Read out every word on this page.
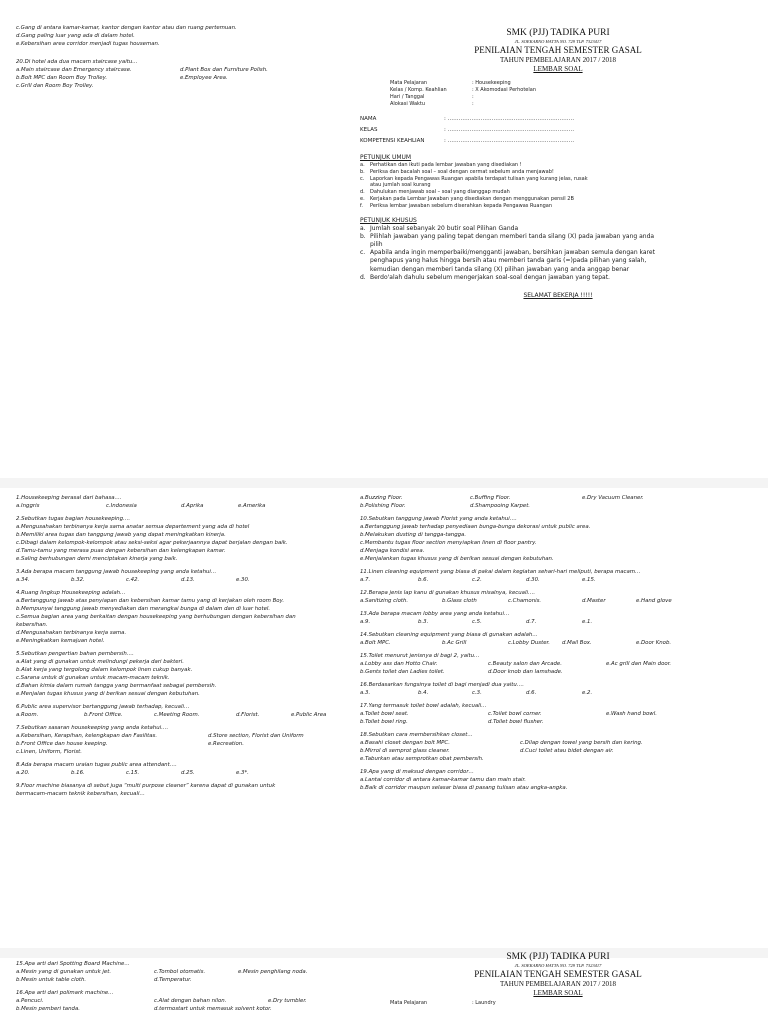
c.Gang di antara kamar-kamar, kantor dengan kantor atau dan ruang pertemuan.
d.Gang paling luar yang ada di dalam hotel.
e.Kebersihan area corridor menjadi tugas houseman.
20.Di hotel ada dua macam staircase yaitu…
a.Main staircase dan Emergency staircase.	d.Plant Box dan Furniture Polish.
b.Bolt MPC dan Room Boy Trolley.	e.Employee Area.
c.Grill dan Room Boy Trolley.
SMK (PJJ) TADIKA PURI
JL. SOEKARNO HATTA NO. 729 TLP. 7323417
PENILAIAN TENGAH SEMESTER GASAL
TAHUN PEMBELAJARAN 2017 / 2018
LEMBAR SOAL
Mata Pelajaran	: Housekeeping
Kelas / Komp. Keahlian	: X Akomodasi Perhotelan
Hari / Tanggal	:
Alokasi Waktu	:
NAMA	: ……………………………………………………………
KELAS	: ……………………………………………………………
KOMPETENSI KEAHLIAN	: ……………………………………………………………
PETUNJUK UMUM
a.	Perhatikan dan ikuti pada lembar jawaban yang disediakan !
b.	Periksa dan bacalah soal – soal dengan cermat sebelum anda menjawab!
c.	Laporkan kepada Pengawas Ruangan apabila terdapat tulisan yang kurang jelas, rusak
atau jumlah soal kurang
d.	Dahulukan menjawab soal – soal yang dianggap mudah
e.	Kerjakan pada Lembar Jawaban yang disediakan dengan menggunakan pensil 2B
f.	Periksa lembar jawaban sebelum diserahkan kepada Pengawas Ruangan
PETUNJUK KHUSUS
a. Jumlah soal sebanyak 20 butir soal Pilihan Ganda
b. Pilihlah jawaban yang paling tepat dengan memberi tanda silang (X) pada jawaban yang anda
pilih
c. Apabila anda ingin memperbaiki/mengganti jawaban, bersihkan jawaban semula dengan karet
penghapus yang halus hingga bersih atau memberi tanda garis (=)pada pilihan yang salah,
kemudian dengan memberi tanda silang (X) pilihan jawaban yang anda anggap benar
d. Berdo'alah dahulu sebelum mengerjakan soal-soal dengan jawaban yang tepat.
SELAMAT BEKERJA !!!!!
1.Housekeeping berasal dari bahasa….
a.Inggris	c.Indonesia	d.Aprika	e.Amerika
2.Sebutkan tugas bagian housekeeping….
a.Mengusahakan terbinanya kerja sama anatar semua departement yang ada di hotel
b.Memiliki area tugas dan tanggung jawab yang dapat meningkatkan kinerja.
c.Dibagi dalam kelompok-kelompok atau seksi-seksi agar pekerjaannya dapat berjalan dengan baik.
d.Tamu-tamu yang merasa puas dengan kebersihan dan kelengkapan kamar.
e.Saling berhubungan demi menciptakan kinerja yang baik.
3.Ada berapa macam tanggung jawab housekeeping yang anda ketahui…
a.34.	b.32.	c.42.	d.13.	e.30.
4.Ruang lingkup Housekeeping adalah…
a.Bertanggung jawab atas penyiapan dan kebersihan kamar tamu yang di kerjakan oleh room Boy.
b.Mempunyai tanggung jawab menyediakan dan merangkai bunga di dalam dan di luar hotel.
c.Semua bagian area yang berkaitan dengan housekeeping yang berhubungan dengan kebersihan dan
kebersihan.
d.Mengusahakan terbinanya kerja sama.
e.Meningkatkan kemajuan hotel.
5.Sebutkan pengertian bahan pembersih….
a.Alat yang di gunakan untuk melindungi pekerja dari bakteri.
b.Alat kerja yang tergolong dalam kelompok linen cukup banyak.
c.Sarana untuk di gunakan untuk macam-macam teknik.
d.Bahan kimia dalam rumah tangga yang bermanfaat sebagai pembersih.
e.Menjalan tugas khusus yang di berikan sesuai dengan kebutuhan.
6.Public area supervisor bertanggung jawab terhadap, kecuali…
a.Room.	b.Front Office.	c.Meeting Room.	d.Florist.	e.Public Area
7.Sebutkan sasaran housekeeping yang anda ketahui….
a.Kebersihan, Kerapihan, kelengkapan dan Fasilitas.	d.Store section, Florist dan Uniform
b.Front Office dan house keeping.	e.Recreation.
c.Linen, Uniform, Florist.
8.Ada berapa macam uraian tugas public area attendant….
a.20.	b.16.	c.15.	d.25.	e.3*.
9.Floor machine biasanya di sebut juga “multi purpose cleaner” karena dapat di gunakan untuk
bermacam-macam teknik kebersihan, kecuali…
a.Buzzing Floor.	c.Buffing Floor.	e.Dry Vacuum Cleaner.
b.Polishing Floor.	d.Shampooing Karpet.
10.Sebutkan tanggung jawab Florist yang anda ketahui….
a.Bertanggung jawab terhadap penyediaan bunga-bunga dekorasi untuk public area.
b.Melakukan dusting di tangga-tangga.
c.Membantu tugas floor section menyiapkan linen di floor pantry.
d.Menjaga kondisi area.
e.Menjalankan tugas khusus yang di berikan sesuai dengan kebutuhan.
11.Linen cleaning equipment yang biasa di pakai dalam kegiatan sehari-hari meliputi, berapa macam…
a.7.	b.6.	c.2.	d.30.	e.15.
12.Berapa jenis lap kanu di gunakan khusus misalnya, kecuali….
a.Sanitizing cloth.	b.Glass cloth	c.Chamonis.	d.Master	e.Hand glove
13.Ada berapa macam lobby area yang anda ketahui…
a.9.	b.3.	c.5.	d.7.	e.1.
14.Sebutkan cleaning equipment yang biasa di gunakan adalah…
a.Bolt MPC.	b.Ac Grill	c.Lobby Duster. d.Mail Box.	e.Door Knob.
15.Toilet menurut jenisnya di bagi 2, yaitu…
a.Lobby ass dan Hotto Chair.	c.Beauty salon dan Arcade.	e.Ac grill dan Main door.
b.Gents toilet dan Ladies toilet.	d.Door knob dan lamshade.
16.Berdasarkan fungsinya toilet di bagi menjadi dua yaitu….
a.3.	b.4.	c.3.	d.6.	e.2.
17.Yang termasuk toilet bowl adalah, kecuali…
a.Toilet bowl seat.	c.Toilet bowl corner.	e.Wash hand bowl.
b.Toilet bowl ring.	d.Toilet bowl flusher.
18.Sebutkan cara membersihkan closet…
a.Basahi closet dengan bolt MPC.	c.Dilap dengan towel yang bersih dan kering.
b.Mirrol di semprot glass cleaner.	d.Cuci toilet atau bidet dengan air.
e.Taburkan atau semprotkan obat pembersih.
19.Apa yang di maksud dengan corridor…
a.Lantai corridor di antara kamar-kamar tamu dan main stair.
b.Baik di corridor maupun selasar biasa di pasang tulisan atau angka-angka.
15.Apa arti dari Spotting Board Machine…
a.Mesin yang di gunakan untuk jet.	c.Tombol otomatis.	e.Mesin penghilang noda.
b.Mesin untuk table cloth.	d.Temperatur.
16.Apa arti dari polimark machine…
a.Pencuci.	c.Alat dengan bahan nilon.	e.Dry tumbler.
b.Mesin pemberi tanda.	d.termostart untuk memasuk solvent kotor.
SMK (PJJ) TADIKA PURI
JL. SOEKARNO HATTA NO. 729 TLP. 7323417
PENILAIAN TENGAH SEMESTER GASAL
TAHUN PEMBELAJARAN 2017 / 2018
LEMBAR SOAL
Mata Pelajaran	: Laundry
